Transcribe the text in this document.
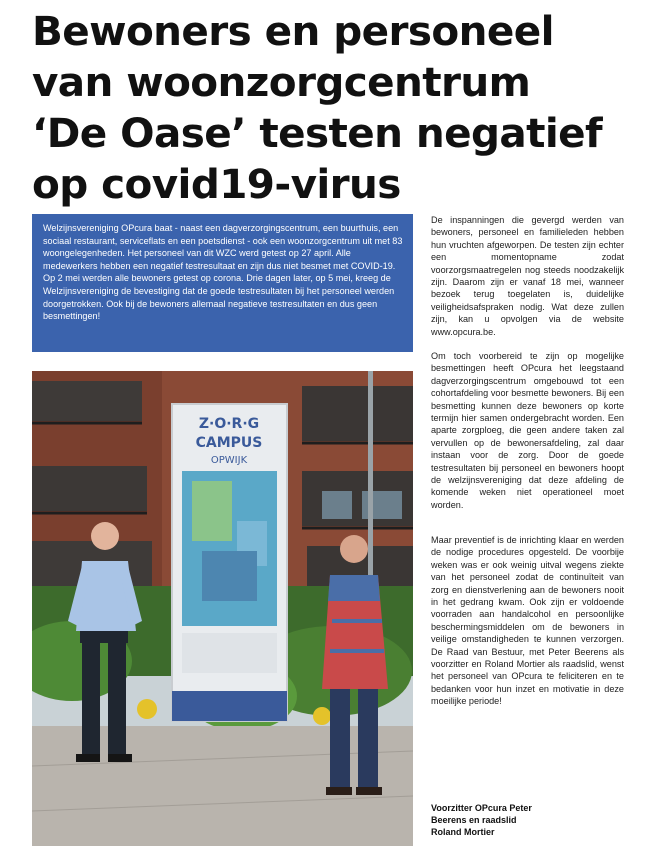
Bewoners en personeel
van woonzorgcentrum
‘De Oase’ testen negatief
op covid19-virus
Welzijnsvereniging OPcura baat - naast een dagverzorgingscentrum, een buurthuis, een sociaal restaurant, serviceflats en een poetsdienst - ook een woonzorgcentrum uit met 83 woongelegenheden. Het personeel van dit WZC werd getest op 27 april. Alle medewerkers hebben een negatief testresultaat en zijn dus niet besmet met COVID-19. Op 2 mei werden alle bewoners getest op corona. Drie dagen later, op 5 mei, kreeg de Welzijnsvereniging de bevestiging dat de goede testresultaten bij het personeel werden doorgetrokken. Ook bij de bewoners allemaal negatieve testresultaten en dus geen besmettingen!
Z·O·R·G
CAMPUS
OPWIJK

De inspanningen die gevergd werden van bewoners, personeel en familieleden hebben hun vruchten afgeworpen. De testen zijn echter een momentopname zodat voorzorgsmaatregelen nog steeds noodzakelijk zijn. Daarom zijn er vanaf 18 mei, wanneer bezoek terug toegelaten is, duidelijke veiligheidsafspraken nodig. Wat deze zullen zijn, kan u opvolgen via de website www.opcura.be.

Om toch voorbereid te zijn op mogelijke besmettingen heeft OPcura het leegstaand dagverzorgingscentrum omgebouwd tot een cohortafdeling voor besmette bewoners. Bij een besmetting kunnen deze bewoners op korte termijn hier samen ondergebracht worden. Een aparte zorgploeg, die geen andere taken zal vervullen op de bewonersafdeling, zal daar instaan voor de zorg. Door de goede testresultaten bij personeel en bewoners hoopt de welzijnsvereniging dat deze afdeling de komende weken niet operationeel moet worden.

Maar preventief is de inrichting klaar en werden de nodige procedures opgesteld. De voorbije weken was er ook weinig uitval wegens ziekte van het personeel zodat de continuïteit van zorg en dienstverlening aan de bewoners nooit in het gedrang kwam. Ook zijn er voldoende voorraden aan handalcohol en persoonlijke beschermingsmiddelen om de bewoners in veilige omstandigheden te kunnen verzorgen. De Raad van Bestuur, met Peter Beerens als voorzitter en Roland Mortier als raadslid, wenst het personeel van OPcura te feliciteren en te bedanken voor hun inzet en motivatie in deze moeilijke periode!

Voorzitter OPcura Peter
Beerens en raadslid
Roland Mortier
